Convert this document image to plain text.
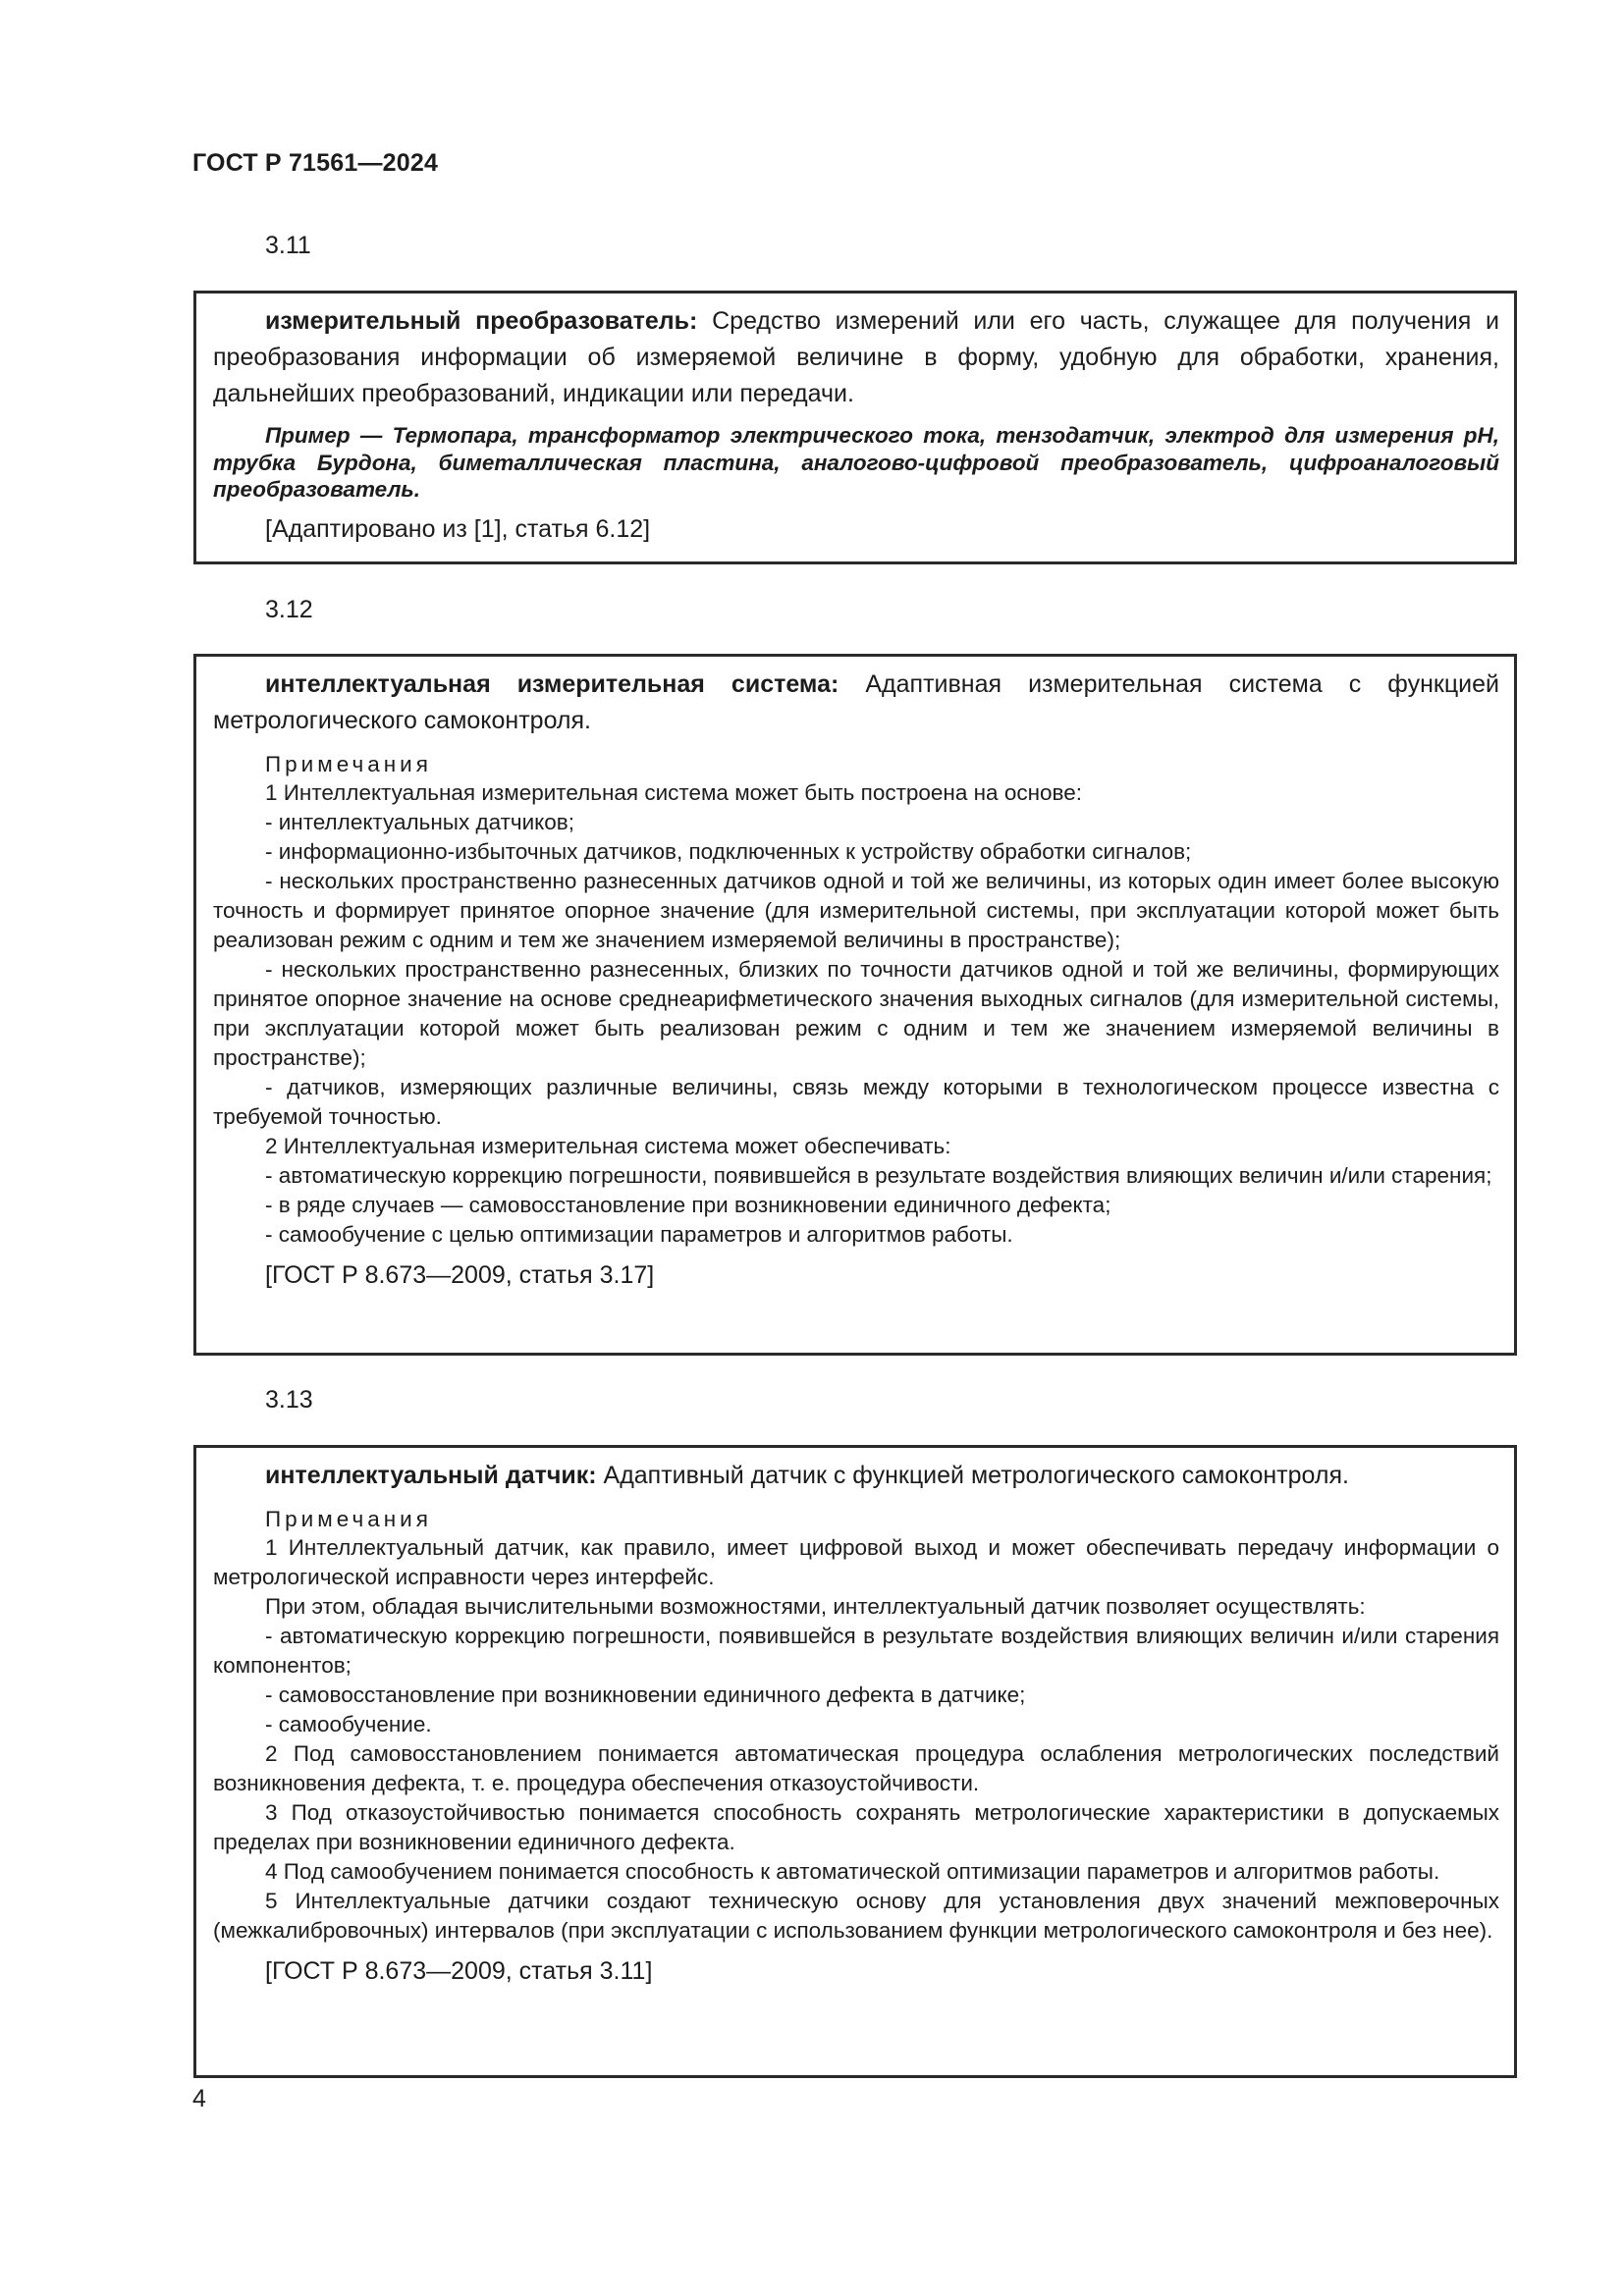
ГОСТ Р 71561—2024
3.11

измерительный преобразователь: Средство измерений или его часть, служащее для получения и преобразования информации об измеряемой величине в форму, удобную для обработки, хранения, дальнейших преобразований, индикации или передачи.

Пример — Термопара, трансформатор электрического тока, тензодатчик, электрод для измерения рН, трубка Бурдона, биметаллическая пластина, аналогово-цифровой преобразователь, цифроаналоговый преобразователь.

[Адаптировано из [1], статья 6.12]
3.12

интеллектуальная измерительная система: Адаптивная измерительная система с функцией метрологического самоконтроля.

Примечания

1 Интеллектуальная измерительная система может быть построена на основе:

- интеллектуальных датчиков;

- информационно-избыточных датчиков, подключенных к устройству обработки сигналов;

- нескольких пространственно разнесенных датчиков одной и той же величины, из которых один имеет более высокую точность и формирует принятое опорное значение (для измерительной системы, при эксплуатации которой может быть реализован режим с одним и тем же значением измеряемой величины в пространстве);

- нескольких пространственно разнесенных, близких по точности датчиков одной и той же величины, формирующих принятое опорное значение на основе среднеарифметического значения выходных сигналов (для измерительной системы, при эксплуатации которой может быть реализован режим с одним и тем же значением измеряемой величины в пространстве);

- датчиков, измеряющих различные величины, связь между которыми в технологическом процессе известна с требуемой точностью.

2 Интеллектуальная измерительная система может обеспечивать:

- автоматическую коррекцию погрешности, появившейся в результате воздействия влияющих величин и/или старения;

- в ряде случаев — самовосстановление при возникновении единичного дефекта;

- самообучение с целью оптимизации параметров и алгоритмов работы.

[ГОСТ Р 8.673—2009, статья 3.17]
3.13

интеллектуальный датчик: Адаптивный датчик с функцией метрологического самоконтроля.

Примечания

1 Интеллектуальный датчик, как правило, имеет цифровой выход и может обеспечивать передачу информации о метрологической исправности через интерфейс.

При этом, обладая вычислительными возможностями, интеллектуальный датчик позволяет осуществлять:

- автоматическую коррекцию погрешности, появившейся в результате воздействия влияющих величин и/или старения компонентов;

- самовосстановление при возникновении единичного дефекта в датчике;

- самообучение.

2 Под самовосстановлением понимается автоматическая процедура ослабления метрологических последствий возникновения дефекта, т. е. процедура обеспечения отказоустойчивости.

3 Под отказоустойчивостью понимается способность сохранять метрологические характеристики в допускаемых пределах при возникновении единичного дефекта.

4 Под самообучением понимается способность к автоматической оптимизации параметров и алгоритмов работы.

5 Интеллектуальные датчики создают техническую основу для установления двух значений межповерочных (межкалибровочных) интервалов (при эксплуатации с использованием функции метрологического самоконтроля и без нее).

[ГОСТ Р 8.673—2009, статья 3.11]
4
